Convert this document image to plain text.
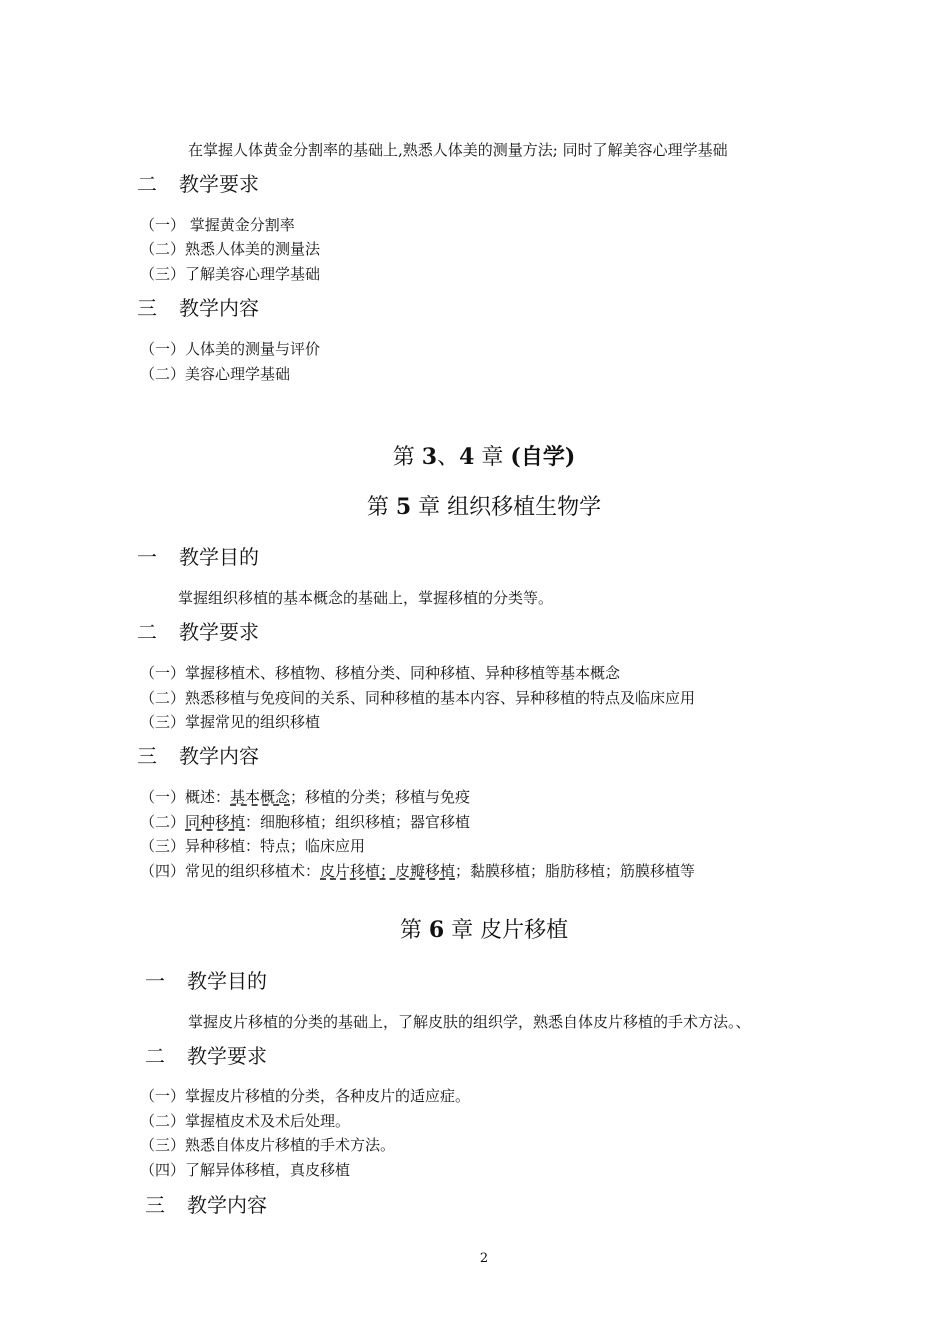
在掌握人体黄金分割率的基础上,熟悉人体美的测量方法; 同时了解美容心理学基础
二 教学要求
（一） 掌握黄金分割率
（二）熟悉人体美的测量法
（三）了解美容心理学基础
三 教学内容
（一）人体美的测量与评价
（二）美容心理学基础
第 3、4 章 (自学)
第 5 章 组织移植生物学
一 教学目的
掌握组织移植的基本概念的基础上，掌握移植的分类等。
二 教学要求
（一）掌握移植术、移植物、移植分类、同种移植、异种移植等基本概念
（二）熟悉移植与免疫间的关系、同种移植的基本内容、异种移植的特点及临床应用
（三）掌握常见的组织移植
三 教学内容
（一）概述：基本概念；移植的分类；移植与免疫
（二）同种移植：细胞移植；组织移植；器官移植
（三）异种移植：特点；临床应用
（四）常见的组织移植术：皮片移植；皮瓣移植；黏膜移植；脂肪移植；筋膜移植等
第 6 章 皮片移植
一 教学目的
掌握皮片移植的分类的基础上，了解皮肤的组织学，熟悉自体皮片移植的手术方法。、
二 教学要求
（一）掌握皮片移植的分类，各种皮片的适应症。
（二）掌握植皮术及术后处理。
（三）熟悉自体皮片移植的手术方法。
（四）了解异体移植，真皮移植
三 教学内容
2
